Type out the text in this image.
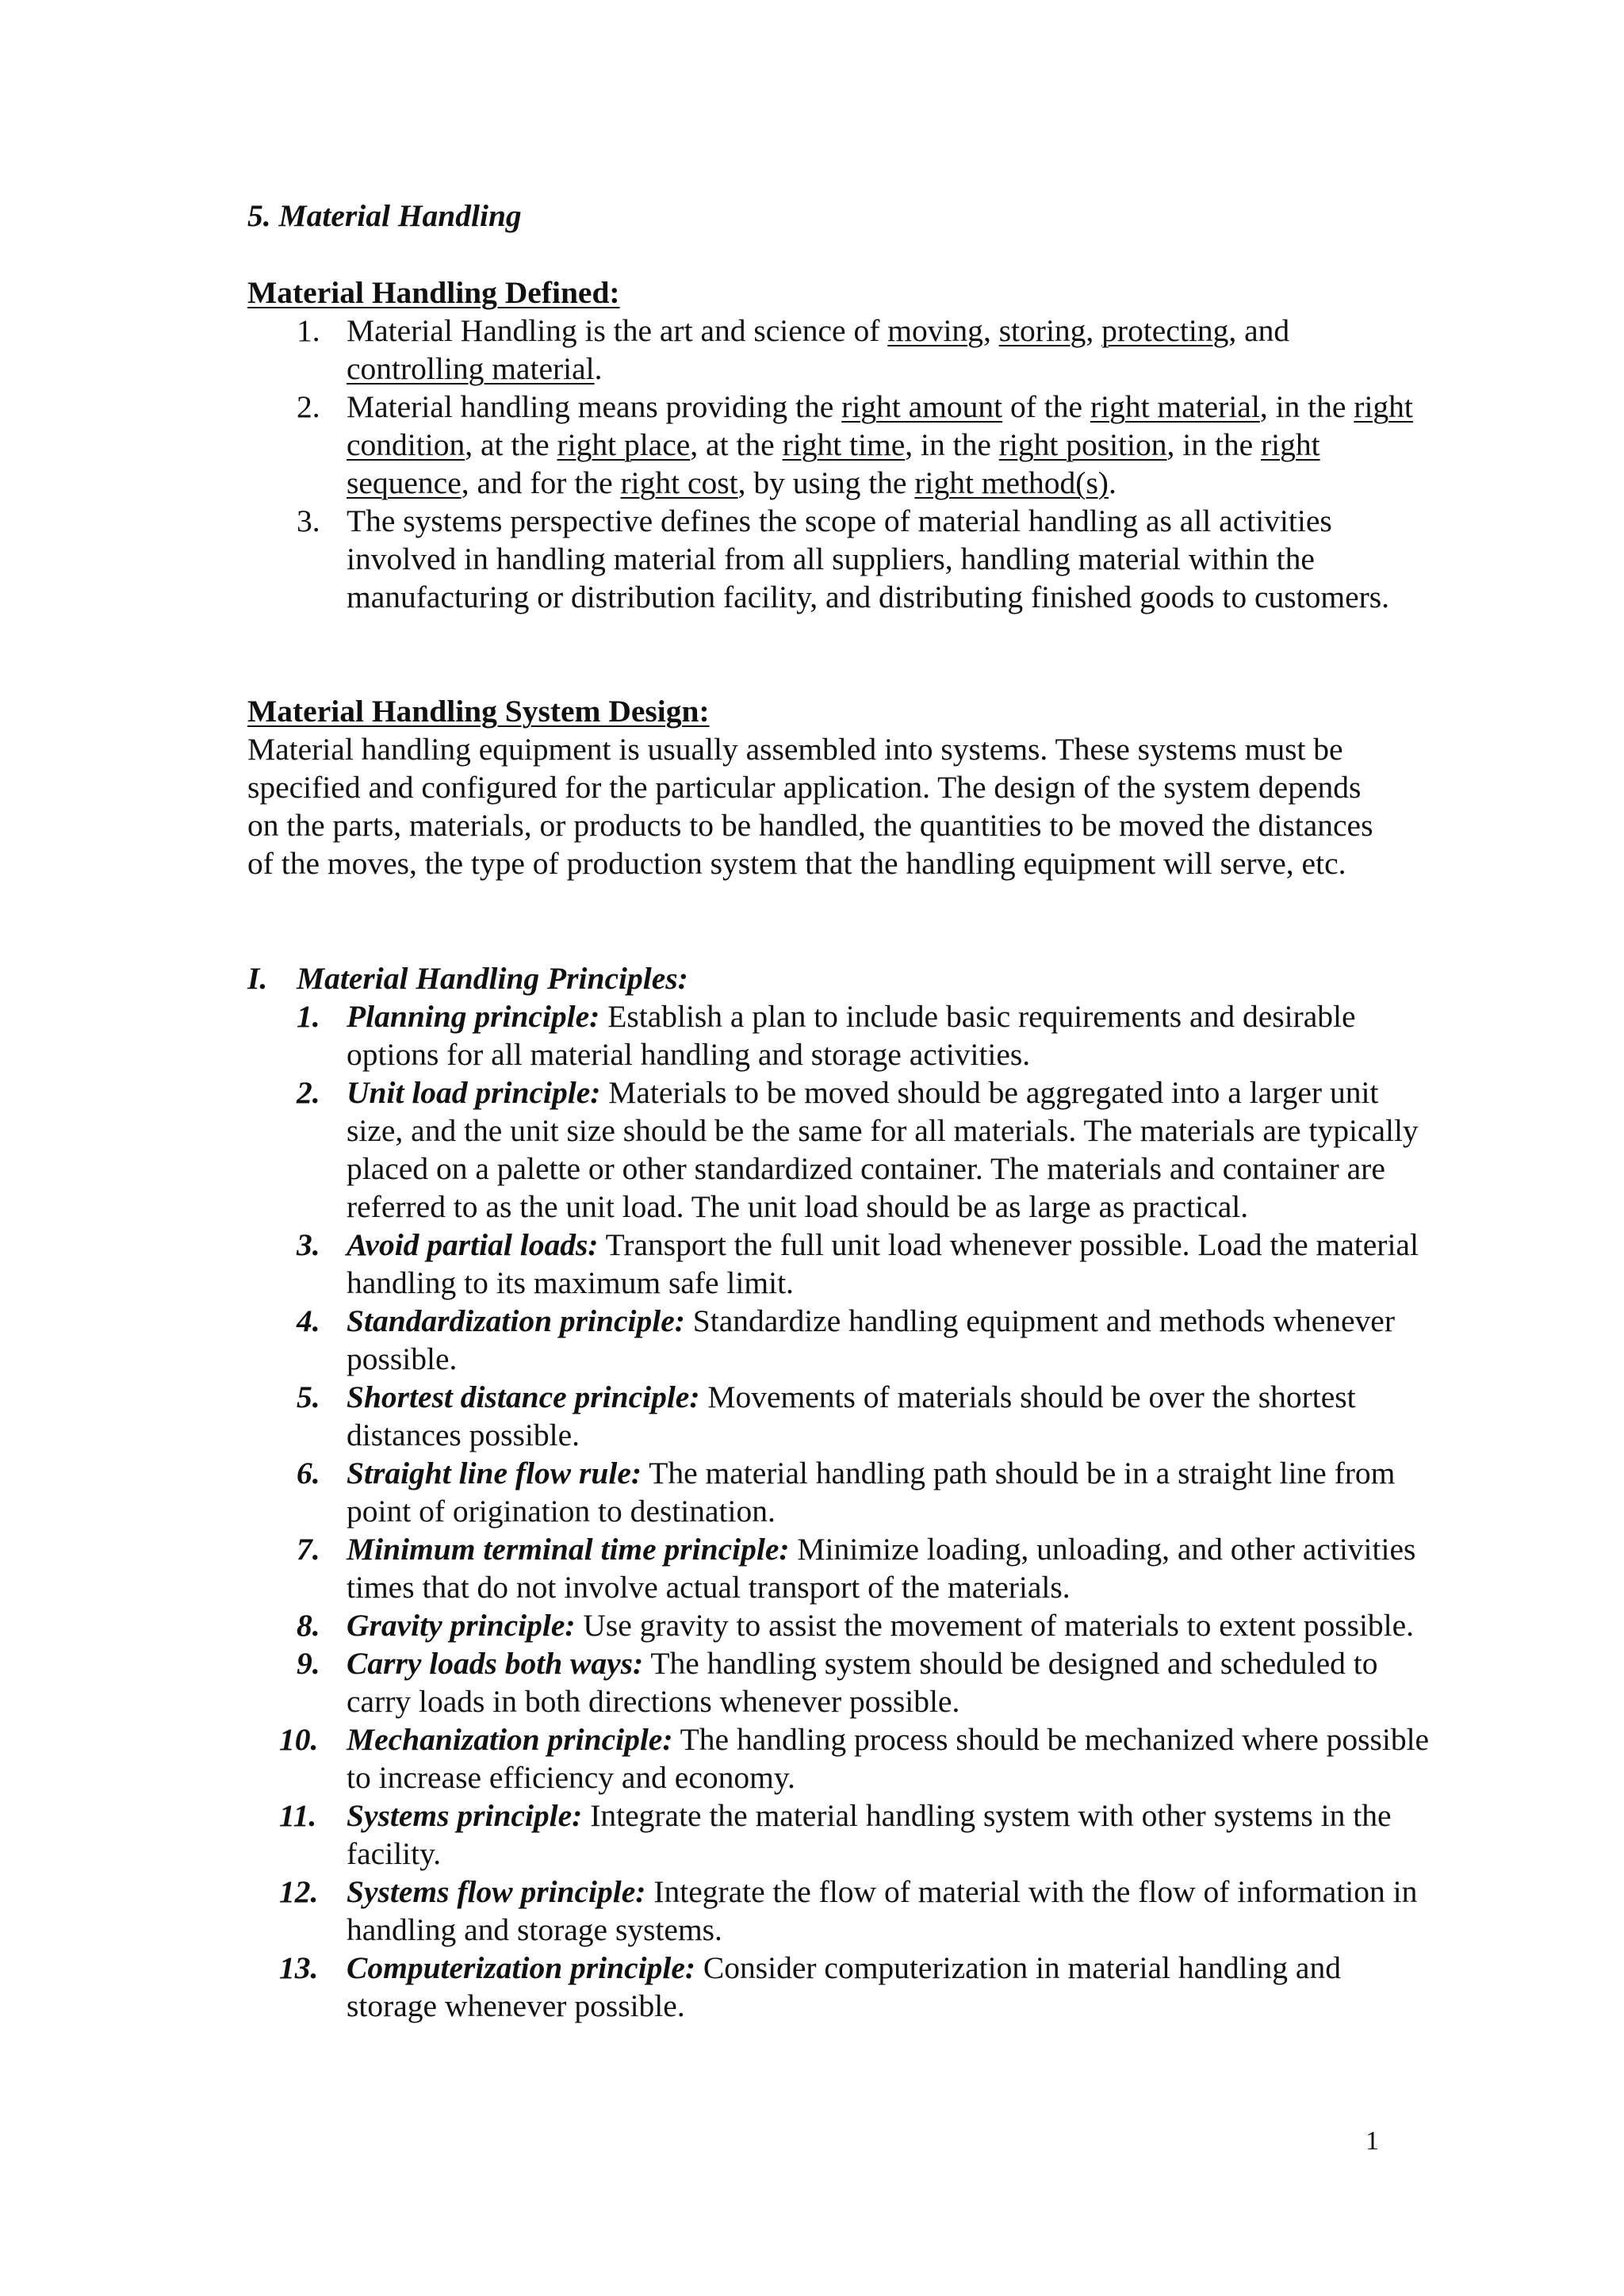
5. Material Handling
Material Handling Defined:
1. Material Handling is the art and science of moving, storing, protecting, and controlling material.
2. Material handling means providing the right amount of the right material, in the right condition, at the right place, at the right time, in the right position, in the right sequence, and for the right cost, by using the right method(s).
3. The systems perspective defines the scope of material handling as all activities involved in handling material from all suppliers, handling material within the manufacturing or distribution facility, and distributing finished goods to customers.
Material Handling System Design:

Material handling equipment is usually assembled into systems. These systems must be specified and configured for the particular application. The design of the system depends on the parts, materials, or products to be handled, the quantities to be moved the distances of the moves, the type of production system that the handling equipment will serve, etc.

I. Material Handling Principles:
1. Planning principle: Establish a plan to include basic requirements and desirable options for all material handling and storage activities.
2. Unit load principle: Materials to be moved should be aggregated into a larger unit size, and the unit size should be the same for all materials. The materials are typically placed on a palette or other standardized container. The materials and container are referred to as the unit load. The unit load should be as large as practical.
3. Avoid partial loads: Transport the full unit load whenever possible. Load the material handling to its maximum safe limit.
4. Standardization principle: Standardize handling equipment and methods whenever possible.
5. Shortest distance principle: Movements of materials should be over the shortest distances possible.
6. Straight line flow rule: The material handling path should be in a straight line from point of origination to destination.
7. Minimum terminal time principle: Minimize loading, unloading, and other activities times that do not involve actual transport of the materials.
8. Gravity principle: Use gravity to assist the movement of materials to extent possible.
9. Carry loads both ways: The handling system should be designed and scheduled to carry loads in both directions whenever possible.
10. Mechanization principle: The handling process should be mechanized where possible to increase efficiency and economy.
11. Systems principle: Integrate the material handling system with other systems in the facility.
12. Systems flow principle: Integrate the flow of material with the flow of information in handling and storage systems.
13. Computerization principle: Consider computerization in material handling and storage whenever possible.
1
